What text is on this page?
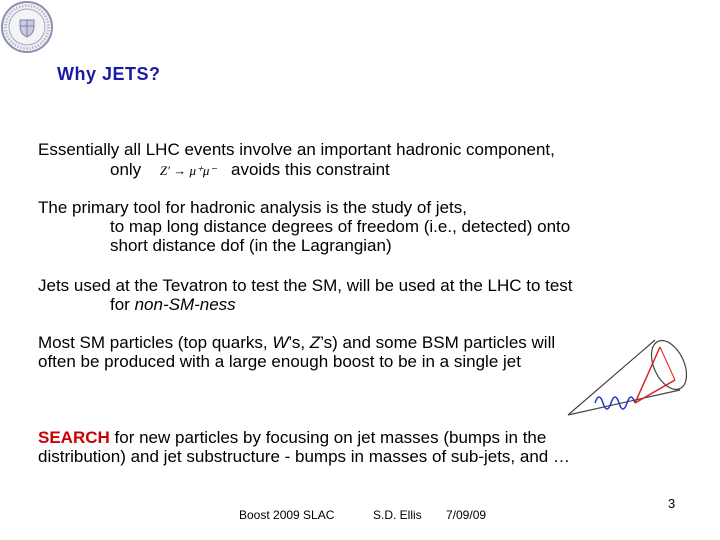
Why JETS?
Essentially all LHC events involve an important hadronic component,
only Z′ → μ⁺μ⁻ avoids this constraint
The primary tool for hadronic analysis is the study of jets,
to map long distance degrees of freedom (i.e., detected) onto
short distance dof (in the Lagrangian)
Jets used at the Tevatron to test the SM, will be used at the LHC to test
for non-SM-ness
Most SM particles (top quarks, W’s, Z’s) and some BSM particles will
often be produced with a large enough boost to be in a single jet
SEARCH for new particles by focusing on jet masses (bumps in the
distribution) and jet substructure - bumps in masses of sub-jets, and …
Boost 2009 SLAC	S.D. Ellis 7/09/09
3
